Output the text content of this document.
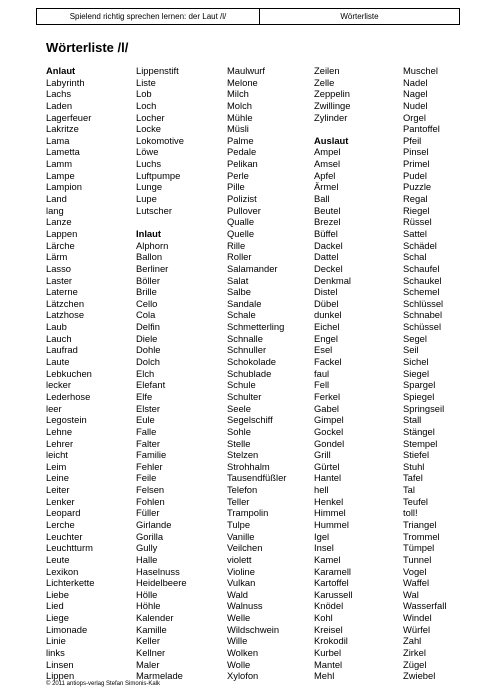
Spielend richtig sprechen lernen: der Laut /l/	Wörterliste
Wörterliste /l/
Anlaut
Labyrinth
Lachs
Laden
Lagerfeuer
Lakritze
Lama
Lametta
Lamm
Lampe
Lampion
Land
lang
Lanze
Lappen
Lärche
Lärm
Lasso
Laster
Laterne
Lätzchen
Latzhose
Laub
Lauch
Laufrad
Laute
Lebkuchen
lecker
Lederhose
leer
Legostein
Lehne
Lehrer
leicht
Leim
Leine
Leiter
Lenker
Leopard
Lerche
Leuchter
Leuchtturm
Leute
Lexikon
Lichterkette
Liebe
Lied
Liege
Limonade
Linie
links
Linsen
Lippen
Lippenstift
Liste
Lob
Loch
Locher
Locke
Lokomotive
Löwe
Luchs
Luftpumpe
Lunge
Lupe
Lutscher
Inlaut
Alphorn
Ballon
Berliner
Böller
Brille
Cello
Cola
Delfin
Diele
Dohle
Dolch
Elch
Elefant
Elfe
Elster
Eule
Falle
Falter
Familie
Fehler
Feile
Felsen
Fohlen
Füller
Girlande
Gorilla
Gully
Halle
Haselnuss
Heidelbeere
Hölle
Höhle
Kalender
Kamille
Keller
Kellner
Maler
Marmelade
Maulwurf
Melone
Milch
Molch
Mühle
Müsli
Palme
Pedale
Pelikan
Perle
Pille
Polizist
Pullover
Qualle
Quelle
Rille
Roller
Salamander
Salat
Salbe
Sandale
Schale
Schmetterling
Schnalle
Schnuller
Schokolade
Schublade
Schule
Schulter
Seele
Segelschiff
Sohle
Stelle
Stelzen
Strohhalm
Tausendfüßler
Telefon
Teller
Trampolin
Tulpe
Vanille
Veilchen
violett
Violine
Vulkan
Wald
Walnuss
Welle
Wildschwein
Wille
Wolken
Wolle
Xylofon
Zeilen
Zelle
Zeppelin
Zwillinge
Zylinder
Auslaut
Ampel
Amsel
Apfel
Ärmel
Ball
Beutel
Brezel
Büffel
Dackel
Dattel
Deckel
Denkmal
Distel
Dübel
dunkel
Eichel
Engel
Esel
Fackel
faul
Fell
Ferkel
Gabel
Gimpel
Gockel
Gondel
Grill
Gürtel
Hantel
hell
Henkel
Himmel
Hummel
Igel
Insel
Kamel
Karamell
Kartoffel
Karussell
Knödel
Kohl
Kreisel
Krokodil
Kurbel
Mantel
Mehl
Muschel
Nadel
Nagel
Nudel
Orgel
Pantoffel
Pfeil
Pinsel
Primel
Pudel
Puzzle
Regal
Riegel
Rüssel
Sattel
Schädel
Schal
Schaufel
Schaukel
Schemel
Schlüssel
Schnabel
Schüssel
Segel
Seil
Sichel
Siegel
Spargel
Spiegel
Springseil
Stall
Stängel
Stempel
Stiefel
Stuhl
Tafel
Tal
Teufel
toll!
Triangel
Trommel
Tümpel
Tunnel
Vogel
Waffel
Wal
Wasserfall
Windel
Würfel
Zahl
Zirkel
Zügel
Zwiebel
© 2011 antiops-verlag Stefan Simonis-Kalk
